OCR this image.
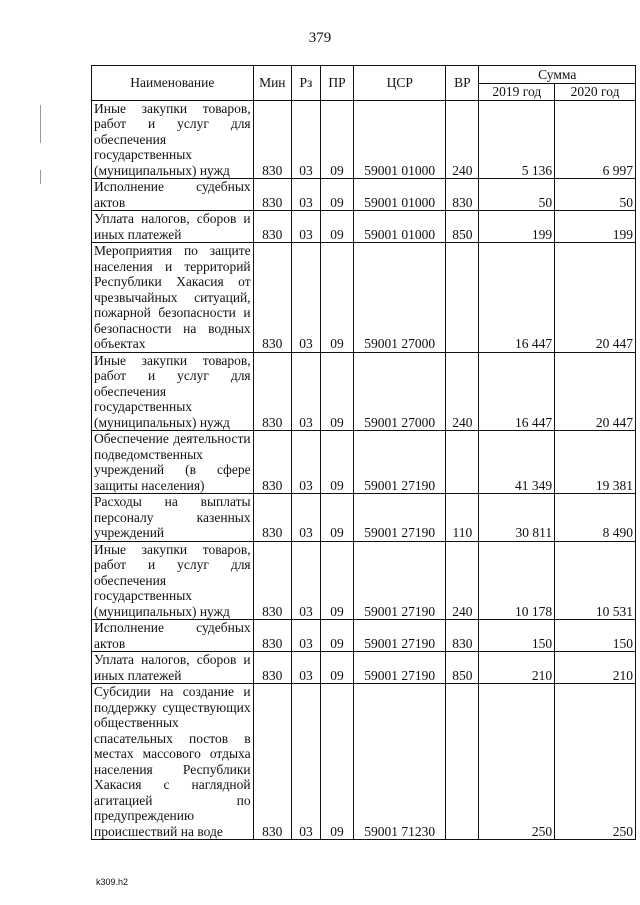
379
Наименование	Мин	Рз	ПР	ЦСР	ВР	Сумма	
						2019 год	2020 год
Иные закупки товаров, работ и услуг для обеспечения государственных (муниципальных) нужд	830	03	09	59001 01000	240	5 136	6 997
Исполнение судебных актов	830	03	09	59001 01000	830	50	50
Уплата налогов, сборов и иных платежей	830	03	09	59001 01000	850	199	199
Мероприятия по защите населения и территорий Республики Хакасия от чрезвычайных ситуаций, пожарной безопасности и безопасности на водных объектах	830	03	09	59001 27000		16 447	20 447
Иные закупки товаров, работ и услуг для обеспечения государственных (муниципальных) нужд	830	03	09	59001 27000	240	16 447	20 447
Обеспечение деятельности подведомственных учреждений (в сфере защиты населения)	830	03	09	59001 27190		41 349	19 381
Расходы на выплаты персоналу казенных учреждений	830	03	09	59001 27190	110	30 811	8 490
Иные закупки товаров, работ и услуг для обеспечения государственных (муниципальных) нужд	830	03	09	59001 27190	240	10 178	10 531
Исполнение судебных актов	830	03	09	59001 27190	830	150	150
Уплата налогов, сборов и иных платежей	830	03	09	59001 27190	850	210	210
Субсидии на создание и поддержку существующих общественных спасательных постов в местах массового отдыха населения Республики Хакасия с наглядной агитацией по предупреждению происшествий на воде	830	03	09	59001 71230		250	250
k309.h2
